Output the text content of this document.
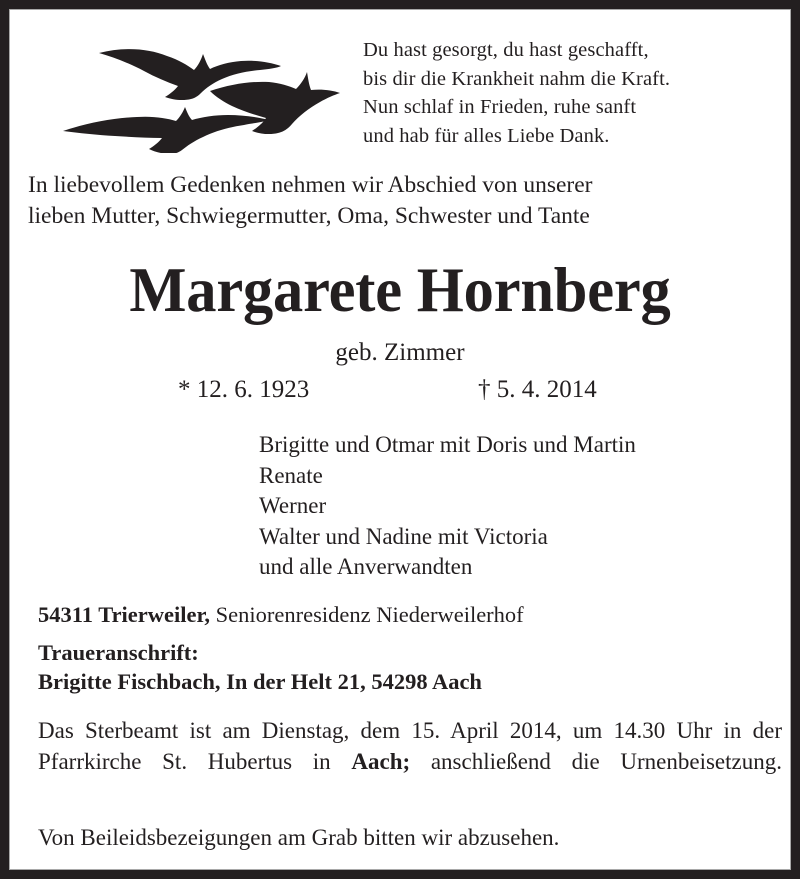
Du hast gesorgt, du hast geschafft,
bis dir die Krankheit nahm die Kraft.
Nun schlaf in Frieden, ruhe sanft
und hab für alles Liebe Dank.
In liebevollem Gedenken nehmen wir Abschied von unserer
lieben Mutter, Schwiegermutter, Oma, Schwester und Tante
Margarete Hornberg
geb. Zimmer
* 12. 6. 1923	† 5. 4. 2014
Brigitte und Otmar mit Doris und Martin
Renate
Werner
Walter und Nadine mit Victoria
und alle Anverwandten
54311 Trierweiler, Seniorenresidenz Niederweilerhof
Traueranschrift:
Brigitte Fischbach, In der Helt 21, 54298 Aach
Das Sterbeamt ist am Dienstag, dem 15. April 2014, um 14.30 Uhr in der Pfarrkirche St. Hubertus in Aach; anschließend die Urnenbeisetzung.
Von Beileidsbezeigungen am Grab bitten wir abzusehen.
